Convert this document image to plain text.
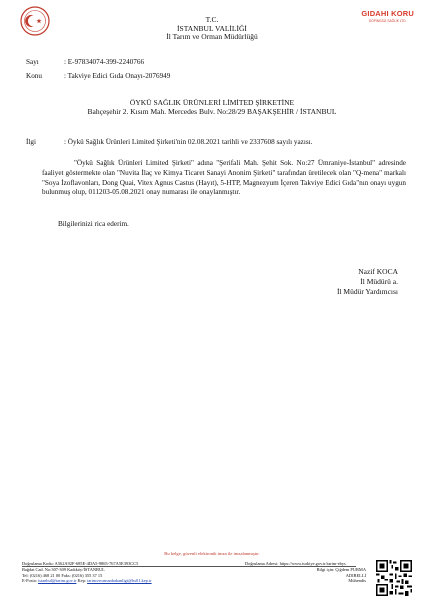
GIDAHI KORU
DOPİNGSİZ SAĞLIK LTD.
T.C.
İSTANBUL VALİLİĞİ
İl Tarım ve Orman Müdürlüğü
Sayı	: E-97834074-399-2240766
Konu	: Takviye Edici Gıda Onayı-2076949
ÖYKÜ SAĞLIK ÜRÜNLERİ LİMİTED ŞİRKETİNE
Bahçeşehir 2. Kısım Mah. Mercedes Bulv. No:28/29 BAŞAKŞEHİR / İSTANBUL
İlgi	: Öykü Sağlık Ürünleri Limited Şirketi'nin 02.08.2021 tarihli ve 2337608 sayılı yazısı.
"Öykü Sağlık Ürünleri Limited Şirketi" adına "Şerifali Mah. Şehit Sok. No:27 Ümraniye-İstanbul" adresinde faaliyet göstermekte olan "Nuvita İlaç ve Kimya Ticaret Sanayi Anonim Şirketi" tarafından üretilecek olan "Q-mena" markalı "Soya İzoflavonları, Dong Quai, Vitex Agnus Castus (Hayıt), 5-HTP, Magnezyum İçeren Takviye Edici Gıda"nın onayı uygun bulunmuş olup, 011203-05.08.2021 onay numarası ile onaylanmıştır.
Bilgilerinizi rica ederim.
Nazif KOCA
İl Müdürü a.
İl Müdür Yardımcısı
Bu belge, güvenli elektronik imza ile imzalanmıştır.
Doğrulama Kodu: A562A92F-685E-4DA5-9865-767A5E393CC5	Doğrulama Adresi: https://www.turkiye.gov.tr/tarim-ebys
Bağdat Cad. No:307-309 Kadıköy/İSTANBUL
Tel: (0216) 468 21 00 Faks: (0216) 355 37 15
E-Posta: istanbul@tarim.gov.tr Kep: tarimveormanbakanligi@hs01.kep.tr
Bilgi için: Çiğdem PURMA
ADIBELLİ
Mühendis
